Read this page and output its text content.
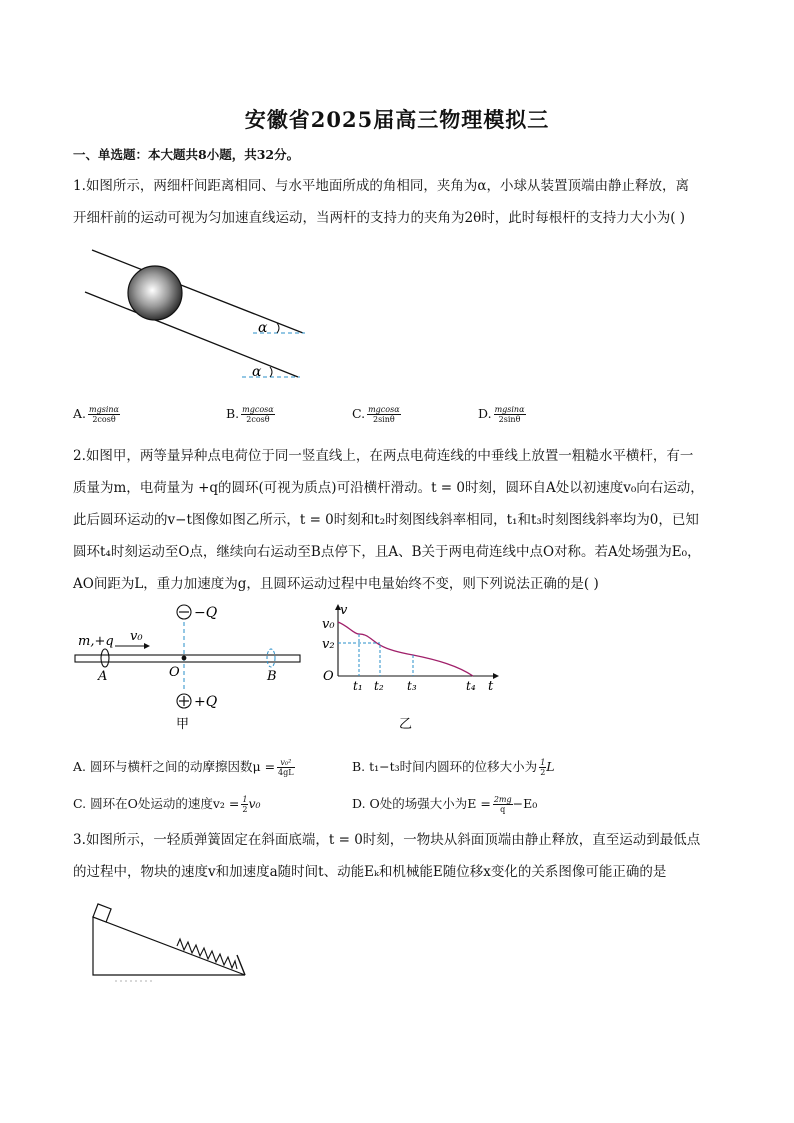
安徽省2025届高三物理模拟三
一、单选题：本大题共8小题，共32分。
1.如图所示，两细杆间距离相同、与水平地面所成的角相同，夹角为α，小球从装置顶端由静止释放，离
开细杆前的运动可视为匀加速直线运动，当两杆的支持力的夹角为2θ时，此时每根杆的支持力大小为( )
α
α
A. $\frac{mgsin\alpha}{2\cos\theta}$	B. $\frac{mgcos\alpha}{2\cos\theta}$	C. $\frac{mgcos\alpha}{2\sin\theta}$	D. $\frac{mgsin\alpha}{2\sin\theta}$
2.如图甲，两等量异种点电荷位于同一竖直线上，在两点电荷连线的中垂线上放置一粗糙水平横杆，有一
质量为m，电荷量为 +q的圆环(可视为质点)可沿横杆滑动。t = 0时刻，圆环自A处以初速度v₀向右运动，
此后圆环运动的v−t图像如图乙所示，t = 0时刻和t₂时刻图线斜率相同，t₁和t₃时刻图线斜率均为0，已知
圆环t₄时刻运动至O点，继续向右运动至B点停下，且A、B关于两电荷连线中点O对称。若A处场强为E₀，
AO间距为L，重力加速度为g，且圆环运动过程中电量始终不变，则下列说法正确的是( )
−Q
+Q
m,+q v₀
A	O	B
甲
v
v₀
v₂
O
t₁ t₂ t₃	t₄ t
乙
A. 圆环与横杆之间的动摩擦因数$\mu = \frac{\text{v₀²}}{4gL}$	B. t₁−t₃时间内圆环的位移大小为 $\frac{1}{2}$ L
C. 圆环在O处运动的速度$v_2 = \frac{1}{2} v_0$	D. O处的场强大小为$E = \frac{2mg}{q} -E_0$
3.如图所示，一轻质弹簧固定在斜面底端，t = 0时刻，一物块从斜面顶端由静止释放，直至运动到最低点
的过程中，物块的速度v和加速度a随时间t、动能Eₖ和机械能E随位移x变化的关系图像可能正确的是
